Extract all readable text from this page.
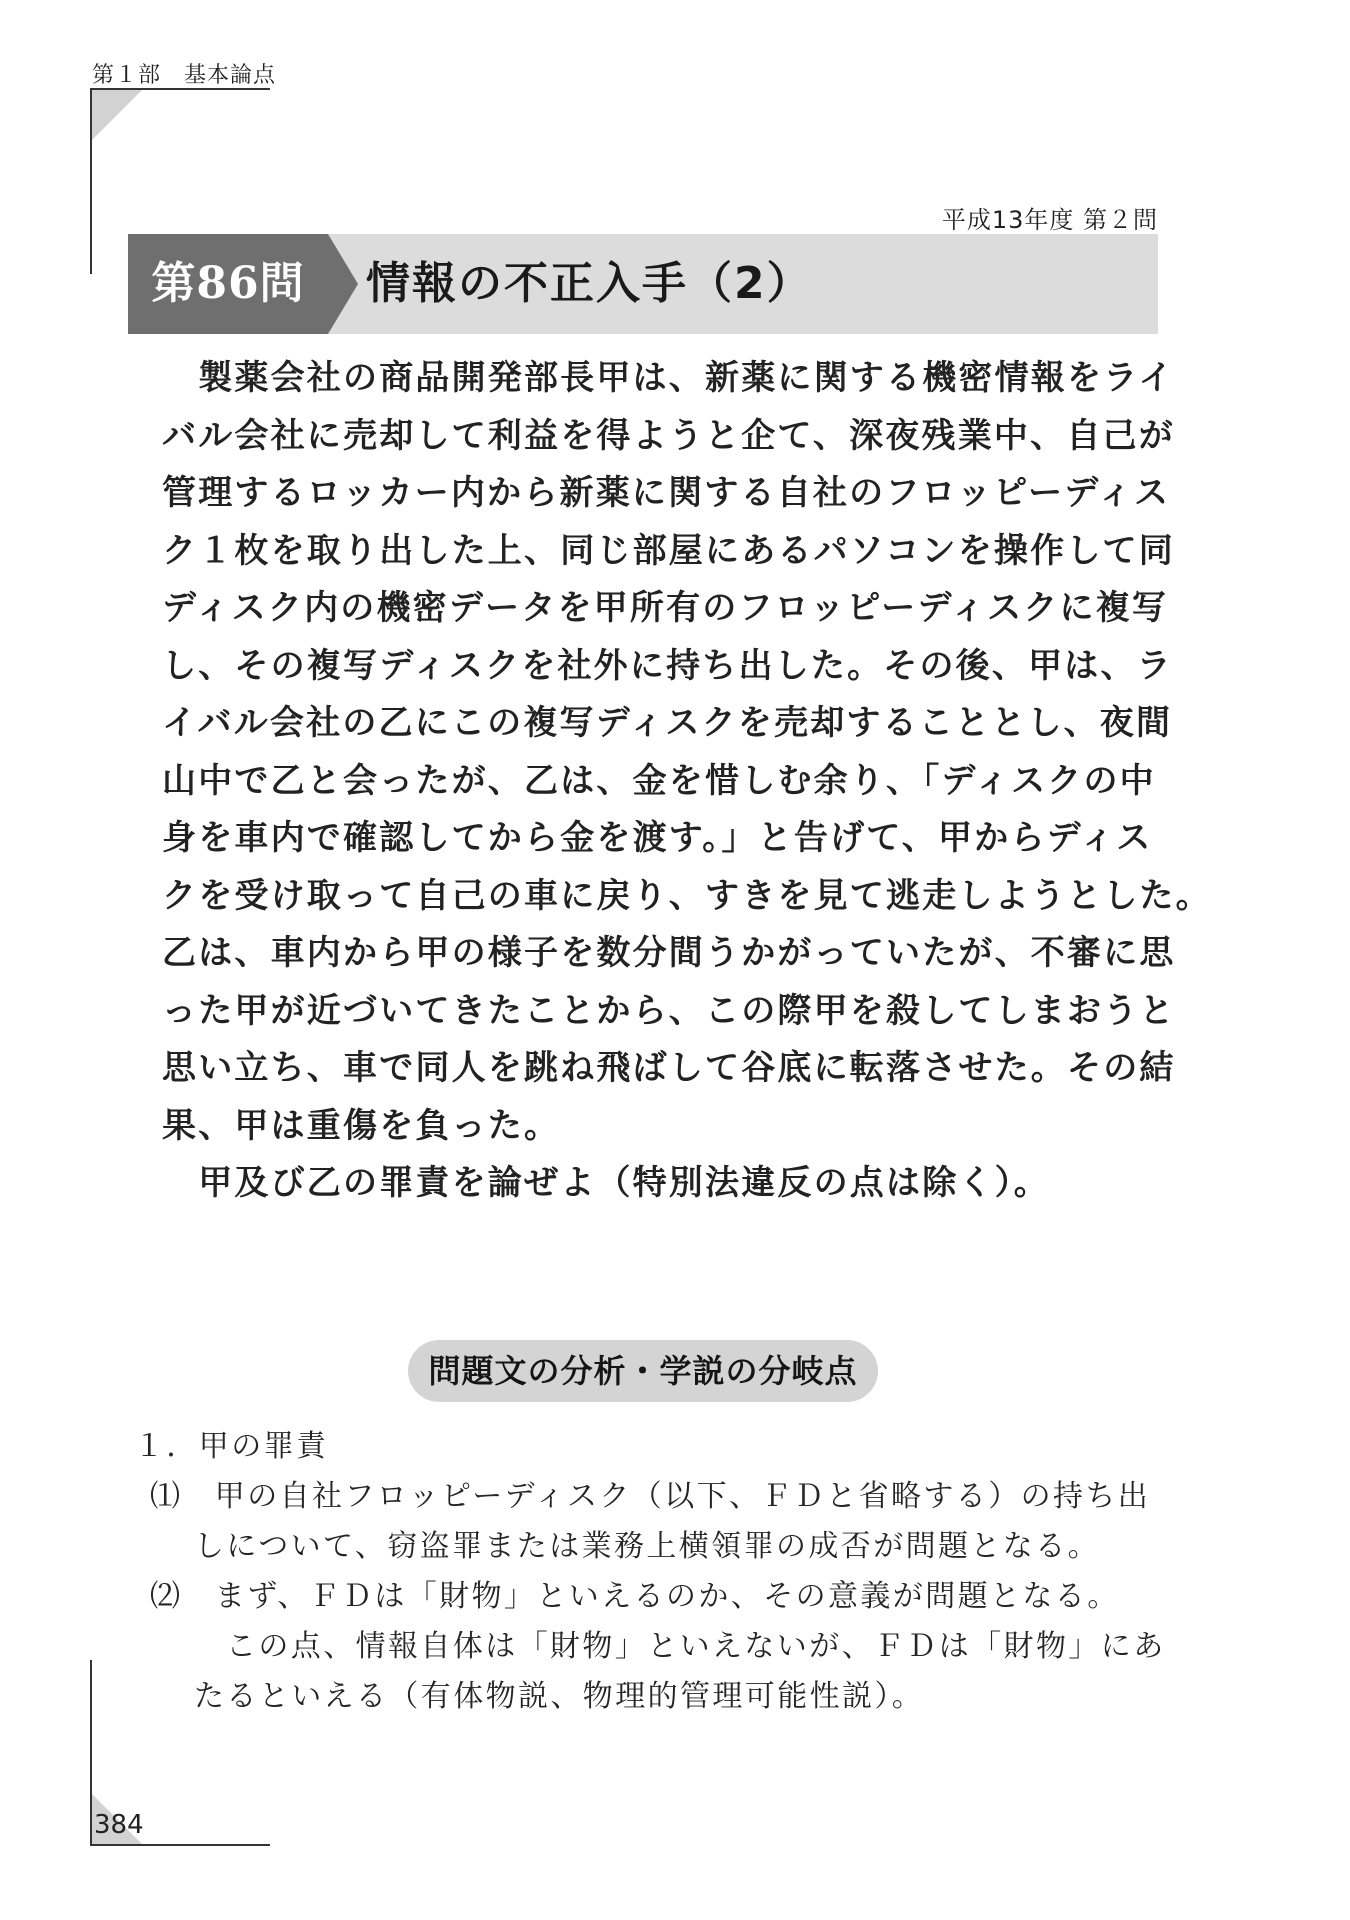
第１部　基本論点
平成13年度 第２問
第86問	情報の不正入手（2）
　製薬会社の商品開発部長甲は、新薬に関する機密情報をライ
バル会社に売却して利益を得ようと企て、深夜残業中、自己が
管理するロッカー内から新薬に関する自社のフロッピーディス
ク１枚を取り出した上、同じ部屋にあるパソコンを操作して同
ディスク内の機密データを甲所有のフロッピーディスクに複写
し、その複写ディスクを社外に持ち出した。その後、甲は、ラ
イバル会社の乙にこの複写ディスクを売却することとし、夜間
山中で乙と会ったが、乙は、金を惜しむ余り、「ディスクの中
身を車内で確認してから金を渡す。」と告げて、甲からディス
クを受け取って自己の車に戻り、すきを見て逃走しようとした。
乙は、車内から甲の様子を数分間うかがっていたが、不審に思
った甲が近づいてきたことから、この際甲を殺してしまおうと
思い立ち、車で同人を跳ね飛ばして谷底に転落させた。その結
果、甲は重傷を負った。
　甲及び乙の罪責を論ぜよ（特別法違反の点は除く）。
問題文の分析・学説の分岐点
１．甲の罪責
⑴　甲の自社フロッピーディスク（以下、ＦＤと省略する）の持ち出
しについて、窃盗罪または業務上横領罪の成否が問題となる。
⑵　まず、ＦＤは「財物」といえるのか、その意義が問題となる。
この点、情報自体は「財物」といえないが、ＦＤは「財物」にあ
たるといえる（有体物説、物理的管理可能性説）。
384
